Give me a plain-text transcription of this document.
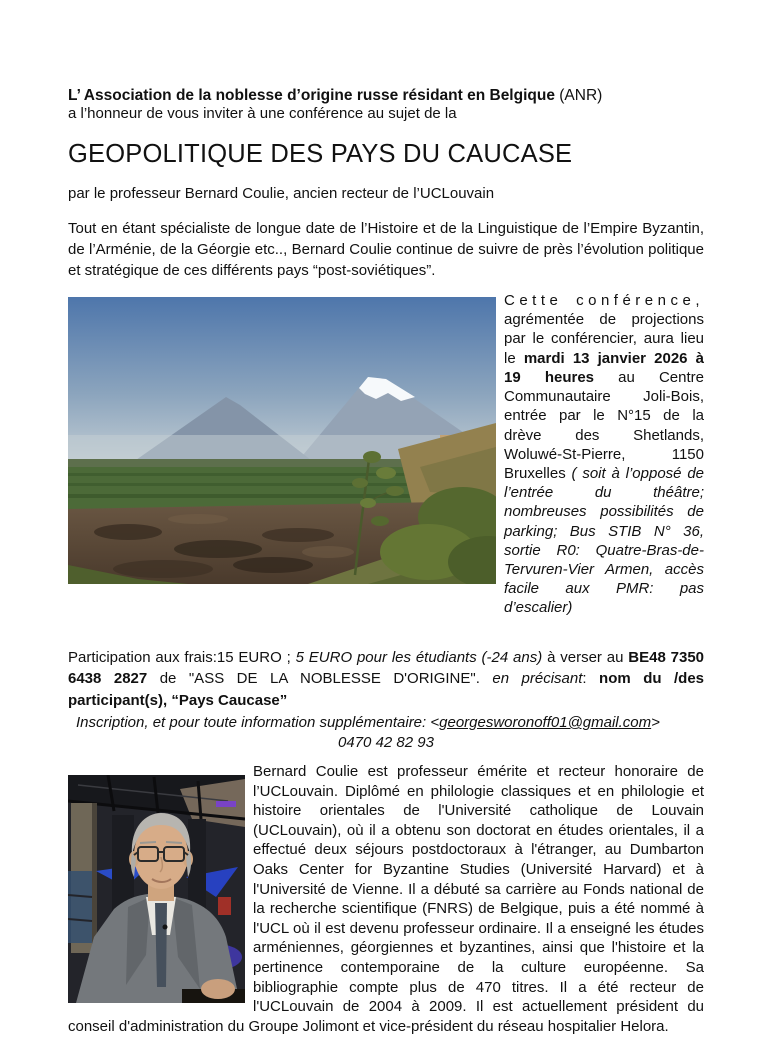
L’ Association de la noblesse d’origine russe résidant en Belgique (ANR)

a l’honneur de vous inviter à une conférence au sujet de la

GEOPOLITIQUE DES PAYS DU CAUCASE

par le professeur Bernard Coulie, ancien recteur de l’UCLouvain

Tout en étant spécialiste de longue date de l’Histoire et de la Linguistique de l’Empire Byzantin, de l’Arménie, de la Géorgie etc.., Bernard Coulie continue de suivre de près l’évolution politique et stratégique de ces différents pays “post-soviétiques”.

Cette conférence, agrémentée de projections par le conférencier, aura lieu le mardi 13 janvier 2026 à 19 heures au Centre Communautaire Joli-Bois, entrée par le N°15 de la drève des Shetlands, Woluwé-St-Pierre, 1150 Bruxelles ( soit à l’opposé de l’entrée du théâtre; nombreuses possibilités de parking; Bus STIB N° 36, sortie R0: Quatre-Bras-de-Tervuren-Vier Armen, accès facile aux PMR: pas d’escalier)

Participation aux frais:15 EURO ; 5 EURO pour les étudiants (-24 ans) à verser au BE48 7350 6438 2827 de "ASS DE LA NOBLESSE D'ORIGINE". en précisant: nom du /des participant(s), “Pays Caucase”

Inscription, et pour toute information supplémentaire: <georgesworonoff01@gmail.com>

0470 42 82 93

Bernard Coulie est professeur émérite et recteur honoraire de l’UCLouvain. Diplômé en philologie classiques et en philologie et histoire orientales de l'Université catholique de Louvain (UCLouvain), où il a obtenu son doctorat en études orientales, il a effectué deux séjours postdoctoraux à l'étranger, au Dumbarton Oaks Center for Byzantine Studies (Université Harvard) et à l'Université de Vienne. Il a débuté sa carrière au Fonds national de la recherche scientifique (FNRS) de Belgique, puis a été nommé à l'UCL où il est devenu professeur ordinaire. Il a enseigné les études arméniennes, géorgiennes et byzantines, ainsi que l'histoire et la pertinence contemporaine de la culture européenne. Sa bibliographie compte plus de 470 titres. Il a été recteur de l'UCLouvain de 2004 à 2009. Il est actuellement président du conseil d'administration du Groupe Jolimont et vice-président du réseau hospitalier Helora.
